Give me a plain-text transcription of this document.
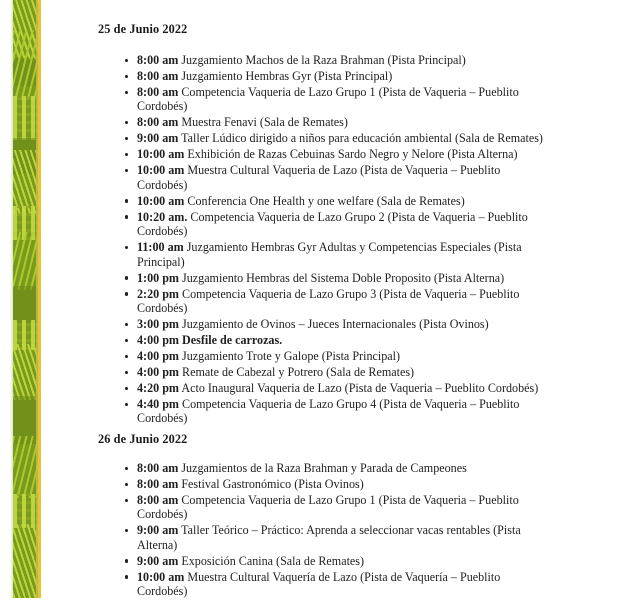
25 de Junio 2022
8:00 am Juzgamiento Machos de la Raza Brahman (Pista Principal)
8:00 am Juzgamiento Hembras Gyr (Pista Principal)
8:00 am Competencia Vaqueria de Lazo Grupo 1 (Pista de Vaqueria – Pueblito Cordobés)
8:00 am Muestra Fenavi (Sala de Remates)
9:00 am Taller Lúdico dirigido a niños para educación ambiental (Sala de Remates)
10:00 am Exhibición de Razas Cebuinas Sardo Negro y Nelore (Pista Alterna)
10:00 am Muestra Cultural Vaqueria de Lazo (Pista de Vaqueria – Pueblito Cordobés)
10:00 am Conferencia One Health y one welfare (Sala de Remates)
10:20 am. Competencia Vaqueria de Lazo Grupo 2 (Pista de Vaqueria – Pueblito Cordobés)
11:00 am Juzgamiento Hembras Gyr Adultas y Competencias Especiales (Pista Principal)
1:00 pm Juzgamiento Hembras del Sistema Doble Proposito (Pista Alterna)
2:20 pm Competencia Vaqueria de Lazo Grupo 3 (Pista de Vaqueria – Pueblito Cordobés)
3:00 pm Juzgamiento de Ovinos – Jueces Internacionales (Pista Ovinos)
4:00 pm Desfile de carrozas.
4:00 pm Juzgamiento Trote y Galope (Pista Principal)
4:00 pm Remate de Cabezal y Potrero (Sala de Remates)
4:20 pm Acto Inaugural Vaqueria de Lazo (Pista de Vaqueria – Pueblito Cordobés)
4:40 pm Competencia Vaqueria de Lazo Grupo 4 (Pista de Vaqueria – Pueblito Cordobés)
26 de Junio 2022
8:00 am Juzgamientos de la Raza Brahman y Parada de Campeones
8:00 am Festival Gastronómico (Pista Ovinos)
8:00 am Competencia Vaqueria de Lazo Grupo 1 (Pista de Vaqueria – Pueblito Cordobés)
9:00 am Taller Teórico – Práctico: Aprenda a seleccionar vacas rentables (Pista Alterna)
9:00 am Exposición Canina (Sala de Remates)
10:00 am Muestra Cultural Vaquería de Lazo (Pista de Vaquería – Pueblito Cordobés)
